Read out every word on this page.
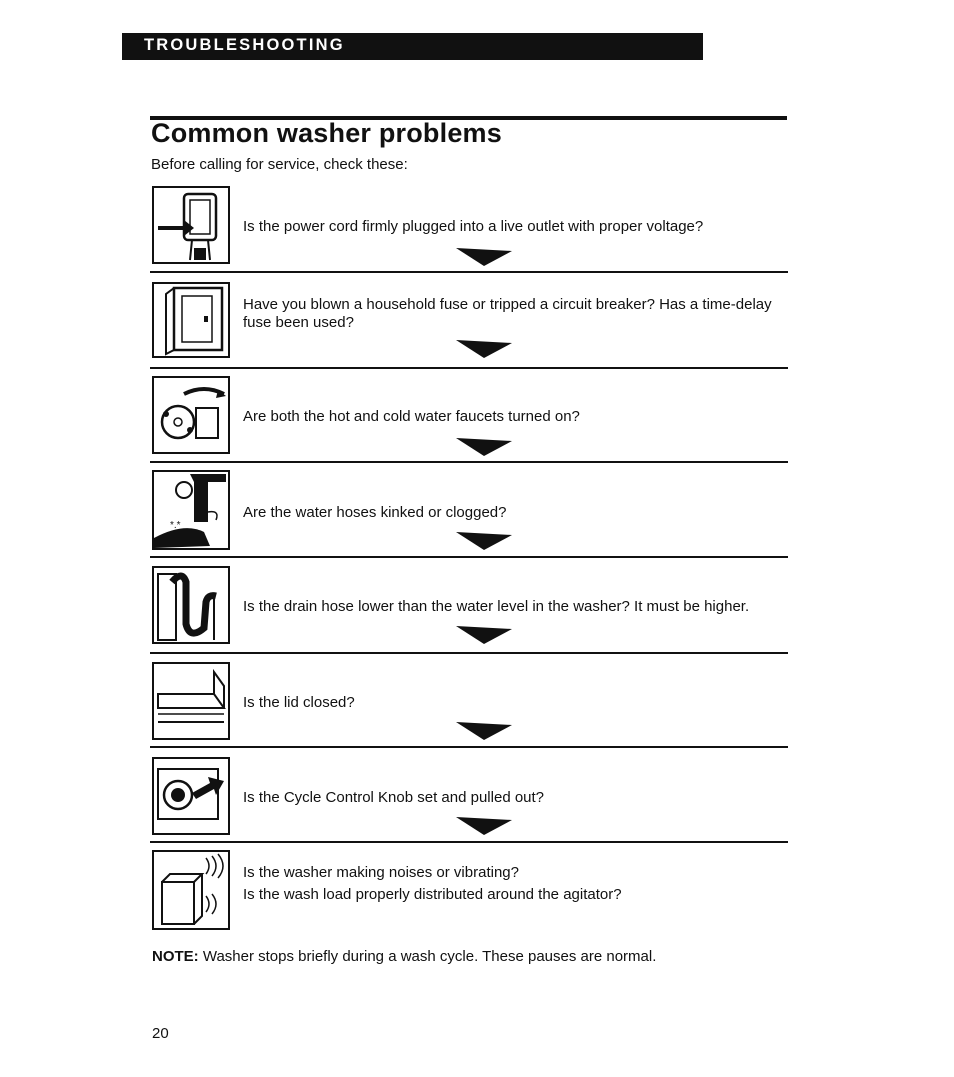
TROUBLESHOOTING
Common washer problems
Before calling for service, check these:
Is the power cord firmly plugged into a live outlet with proper voltage?
Have you blown a household fuse or tripped a circuit breaker? Has a time-delay fuse been used?
Are both the hot and cold water faucets turned on?
*.*
Are the water hoses kinked or clogged?
Is the drain hose lower than the water level in the washer? It must be higher.
Is the lid closed?
Is the Cycle Control Knob set and pulled out?
Is the washer making noises or vibrating?
Is the wash load properly distributed around the agitator?
NOTE: Washer stops briefly during a wash cycle. These pauses are normal.
20
